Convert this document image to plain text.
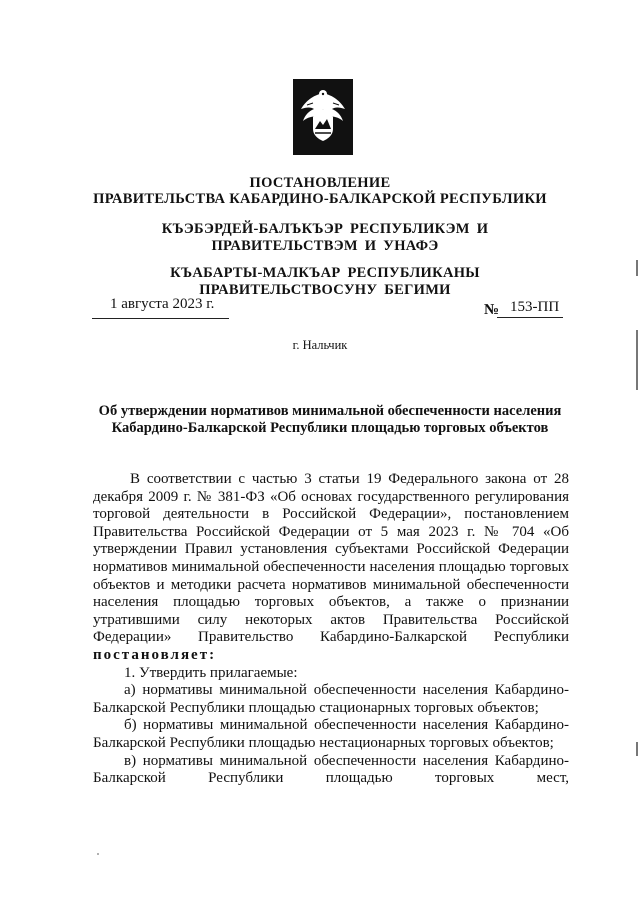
ПОСТАНОВЛЕНИЕ
ПРАВИТЕЛЬСТВА КАБАРДИНО-БАЛКАРСКОЙ РЕСПУБЛИКИ
КЪЭБЭРДЕЙ-БАЛЪКЪЭР РЕСПУБЛИКЭМ И ПРАВИТЕЛЬСТВЭМ И УНАФЭ
КЪАБАРТЫ-МАЛКЪАР РЕСПУБЛИКАНЫ ПРАВИТЕЛЬСТВОСУНУ БЕГИМИ
1 августа 2023 г.	№ 153-ПП
г. Нальчик
Об утверждении нормативов минимальной обеспеченности населения Кабардино-Балкарской Республики площадью торговых объектов

В соответствии с частью 3 статьи 19 Федерального закона от 28 декабря 2009 г. № 381-ФЗ «Об основах государственного регулирования торговой деятельности в Российской Федерации», постановлением Правительства Российской Федерации от 5 мая 2023 г. № 704 «Об утверждении Правил установления субъектами Российской Федерации нормативов минимальной обеспеченности населения площадью торговых объектов и методики расчета нормативов минимальной обеспеченности населения площадью торговых объектов, а также о признании утратившими силу некоторых актов Правительства Российской Федерации» Правительство Кабардино-Балкарской Республики постановляет:

1. Утвердить прилагаемые:

а) нормативы минимальной обеспеченности населения Кабардино-Балкарской Республики площадью стационарных торговых объектов;

б) нормативы минимальной обеспеченности населения Кабардино-Балкарской Республики площадью нестационарных торговых объектов;

в) нормативы минимальной обеспеченности населения Кабардино-Балкарской Республики площадью торговых мест,
